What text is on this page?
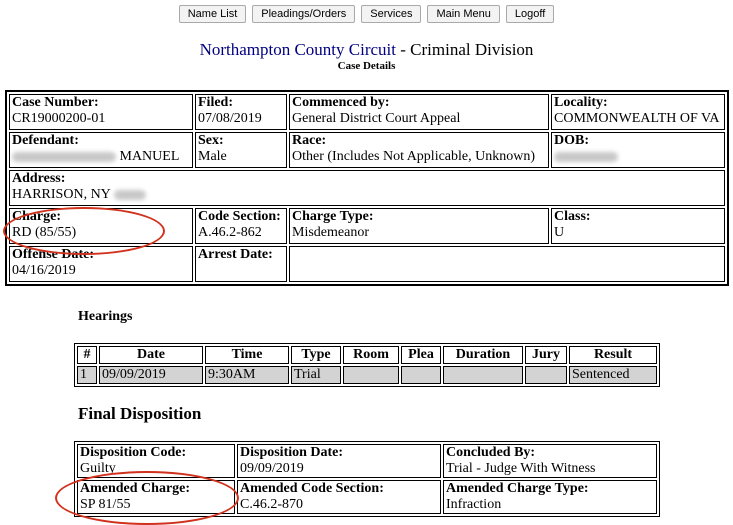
Name List Pleadings/Orders Services Main Menu Logoff
Northampton County Circuit - Criminal Division
Case Details
Case Number:
CR19000200-01	Filed:
07/08/2019	Commenced by:
General District Court Appeal	Locality:
COMMONWEALTH OF VA

Defendant:
MANUEL	Sex:
Male	Race:
Other (Includes Not Applicable, Unknown)	DOB:

Address:
HARRISON, NY			

Charge:
RD (85/55)	Code Section:
A.46.2-862	Charge Type:
Misdemeanor	Class:
U

Offense Date:
04/16/2019	Arrest Date:		

Hearings
#	Date	Time	Type	Room	Plea	Duration	Jury	Result
1	09/09/2019	9:30AM	Trial					Sentenced
Final Disposition
Disposition Code:
Guilty	Disposition Date:
09/09/2019	Concluded By:
Trial - Judge With Witness

Amended Charge:
SP 81/55	Amended Code Section:
C.46.2-870	Amended Charge Type:
Infraction
